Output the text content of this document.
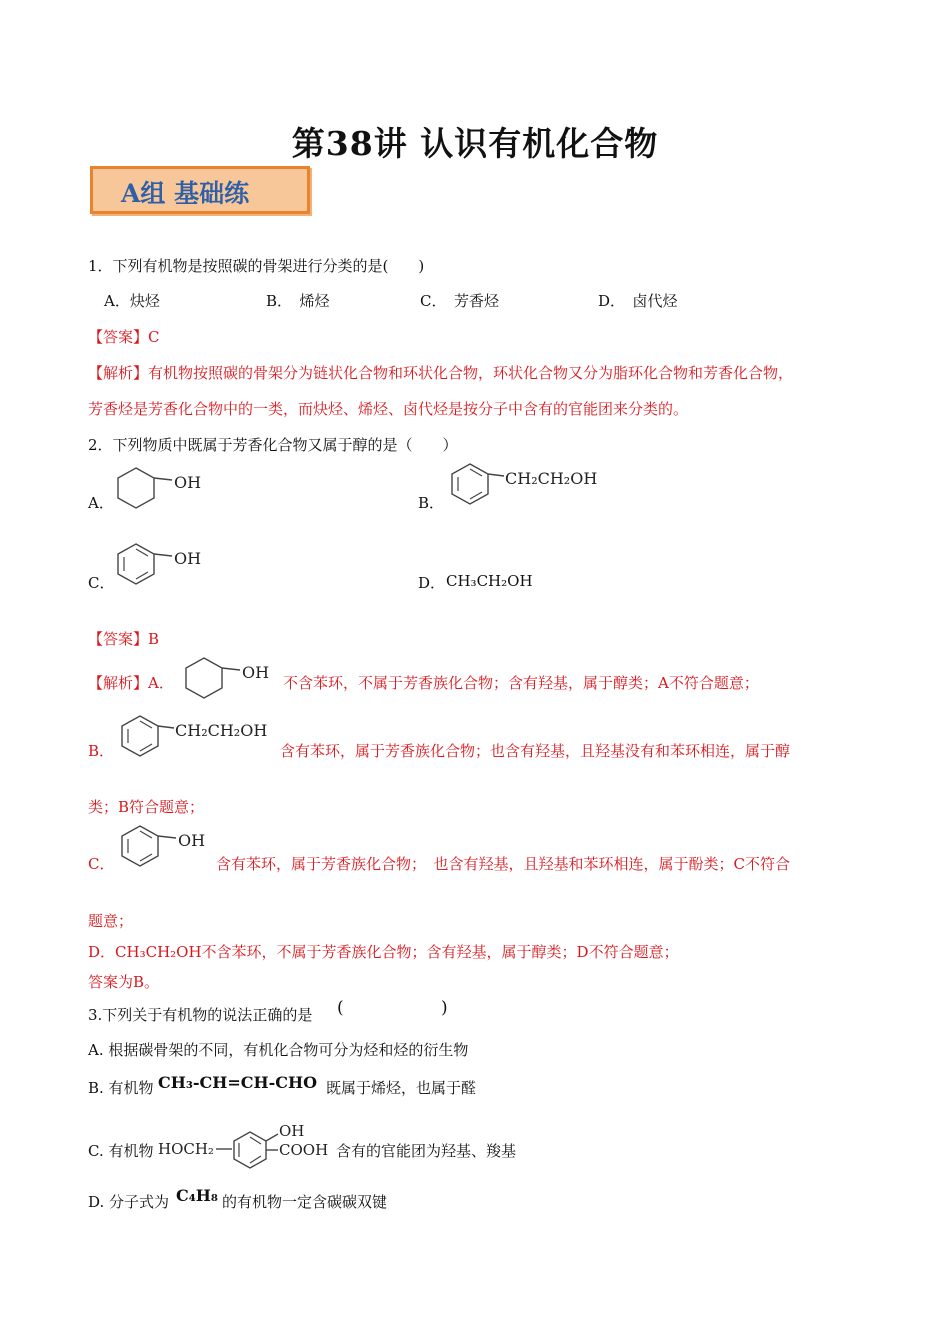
第38讲 认识有机化合物
A组 基础练
1．下列有机物是按照碳的骨架进行分类的是(　　)
A．炔烃	B．　烯烃	C．　芳香烃	D．　卤代烃
【答案】C
【解析】有机物按照碳的骨架分为链状化合物和环状化合物，环状化合物又分为脂环化合物和芳香化合物，
芳香烃是芳香化合物中的一类，而炔烃、烯烃、卤代烃是按分子中含有的官能团来分类的。
2．下列物质中既属于芳香化合物又属于醇的是（　　）
A．
OH
B．
CH₂CH₂OH
C．
OH
D． CH₃CH₂OH
【答案】B
【解析】A．
OH
不含苯环，不属于芳香族化合物；含有羟基，属于醇类；A不符合题意；
B．
CH₂CH₂OH
含有苯环，属于芳香族化合物；也含有羟基，且羟基没有和苯环相连，属于醇
类；B符合题意；
C．
OH
含有苯环，属于芳香族化合物；　也含有羟基，且羟基和苯环相连，属于酚类；C不符合
题意；
D．CH₃CH₂OH不含苯环，不属于芳香族化合物；含有羟基，属于醇类；D不符合题意；
答案为B。
3.下列关于有机物的说法正确的是 (	)
A. 根据碳骨架的不同，有机化合物可分为烃和烃的衍生物
B. 有机物 CH₃-CH=CH-CHO 既属于烯烃，也属于醛
C. 有机物 HOCH₂
OH
COOH 含有的官能团为羟基、羧基
D. 分子式为 C₄H₈ 的有机物一定含碳碳双键
